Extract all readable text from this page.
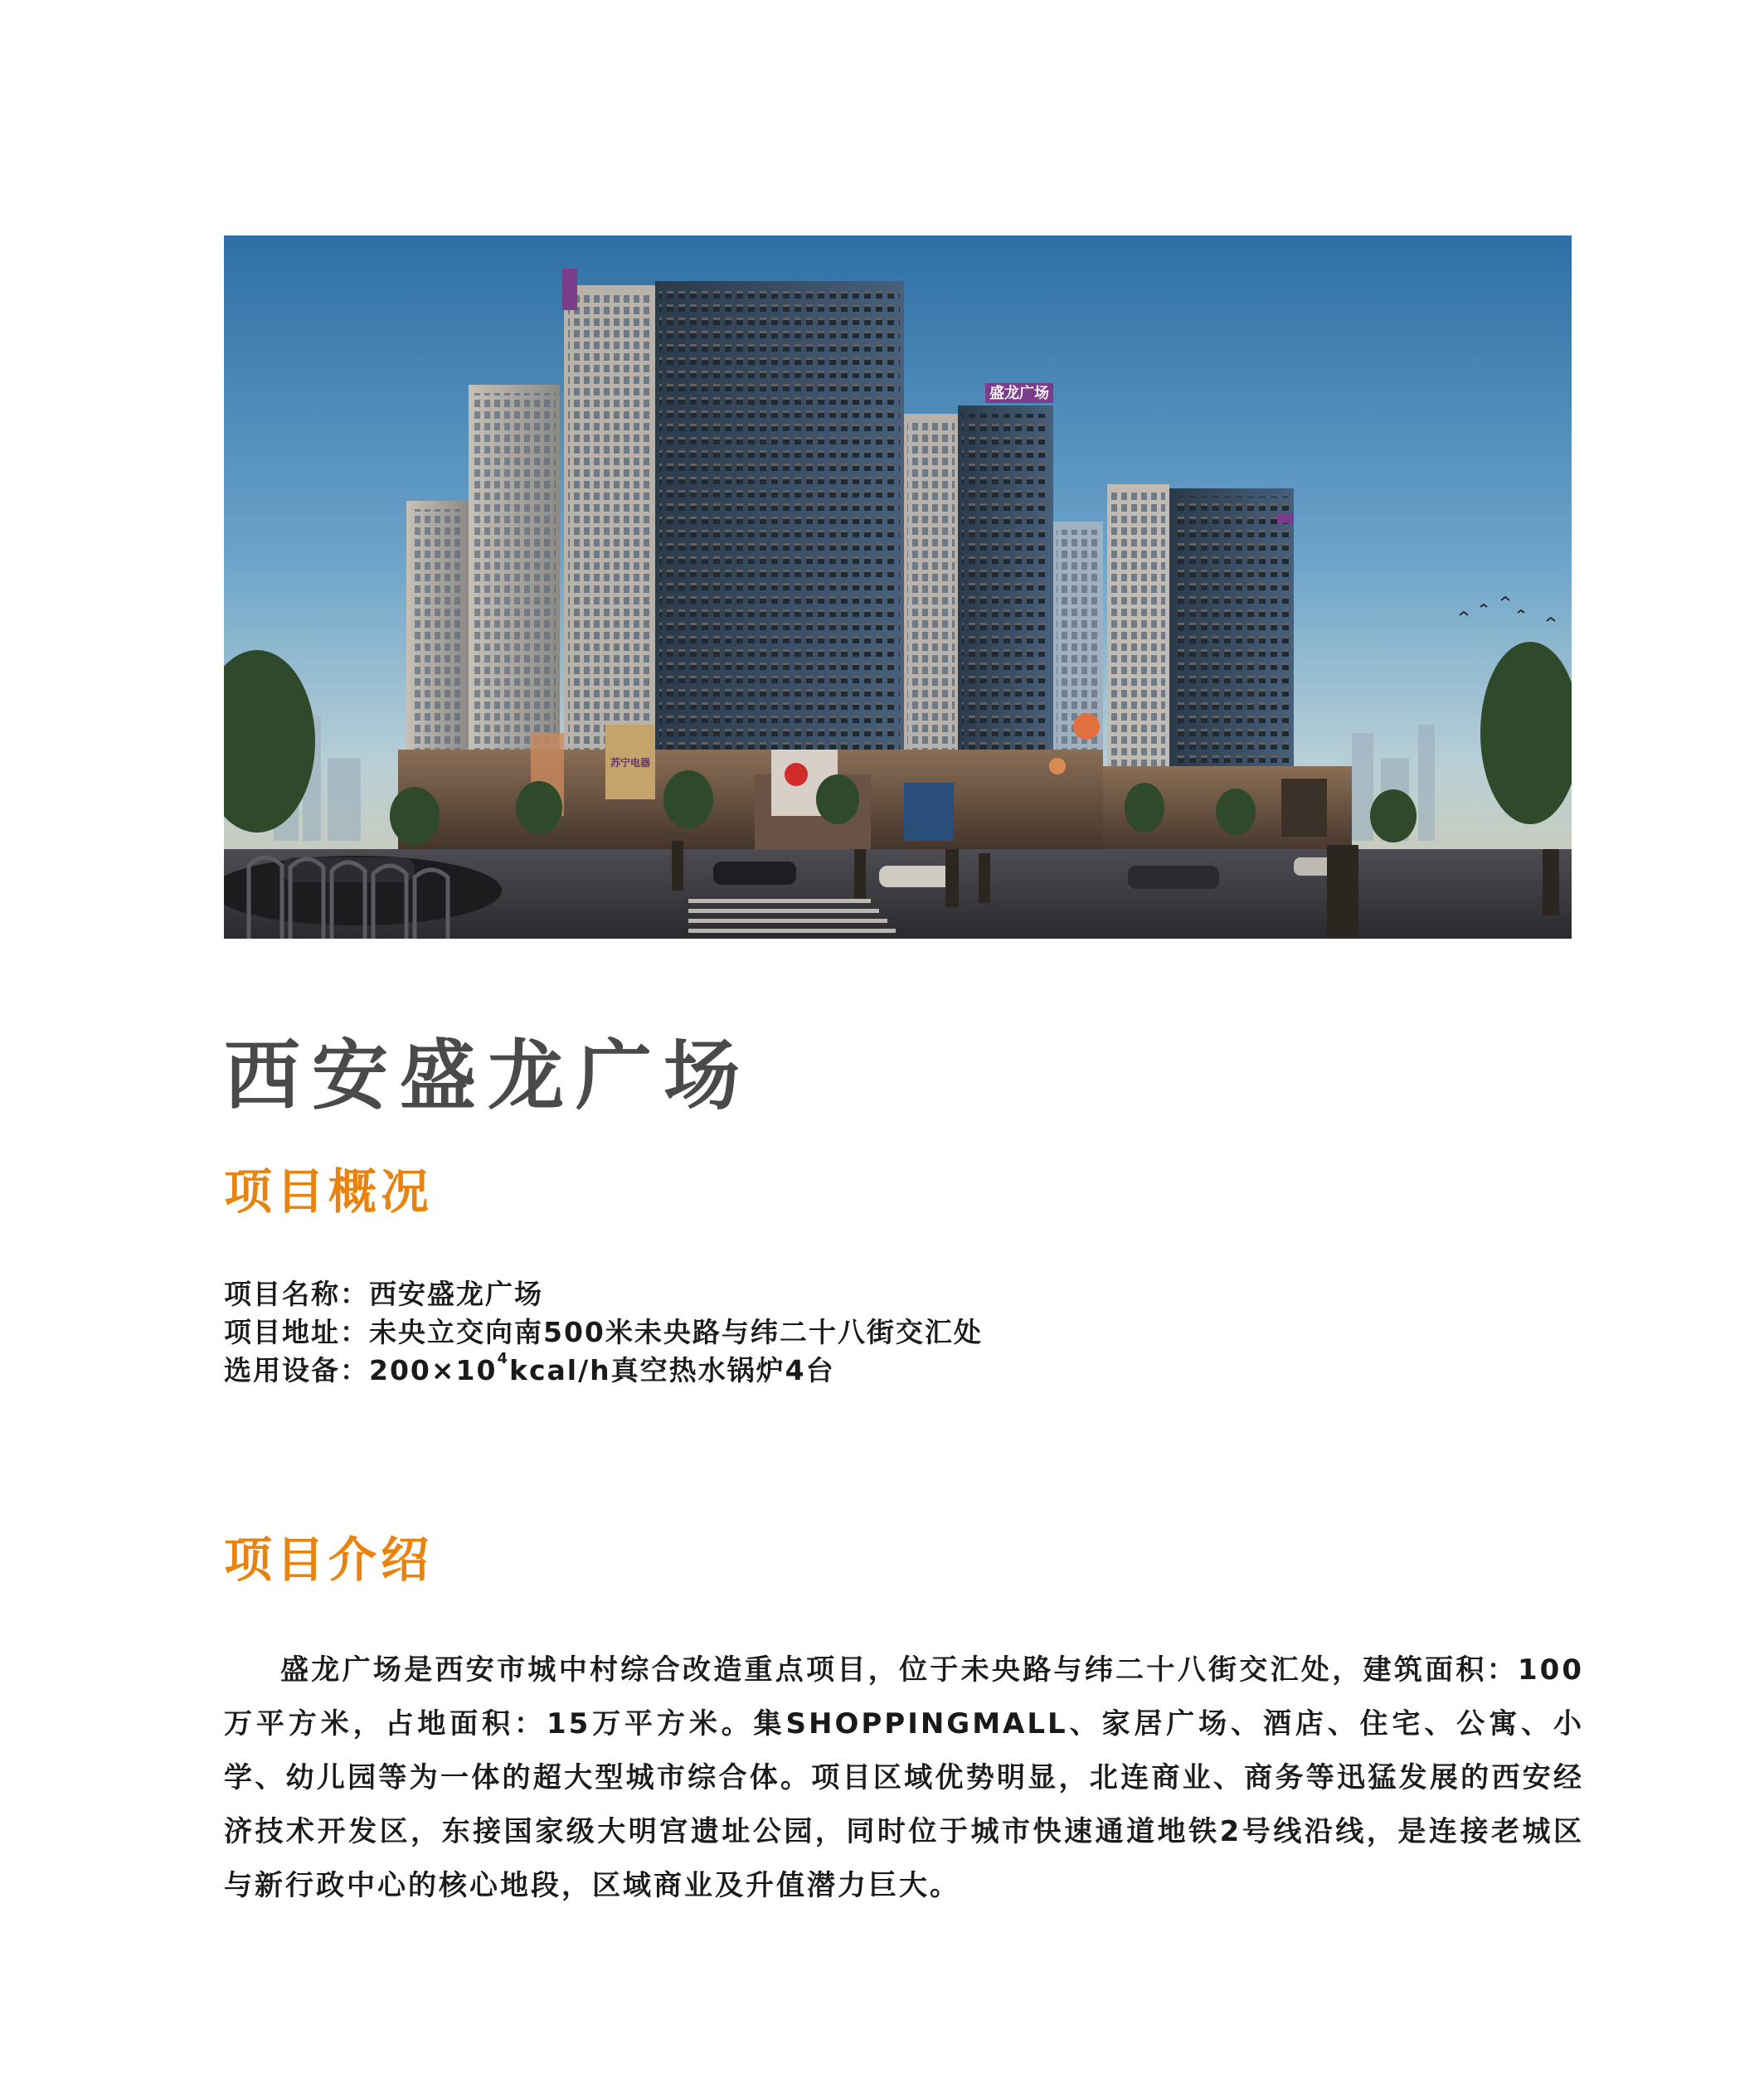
盛龙广场
苏宁电器
西安盛龙广场
项目概况
项目名称：西安盛龙广场
项目地址：未央立交向南500米未央路与纬二十八街交汇处
选用设备：$200\times 10^4kcal/h$真空热水锅炉4台
项目介绍

盛龙广场是西安市城中村综合改造重点项目，位于未央路与纬二十八街交汇处，建筑面积：100万平方米，占地面积：15万平方米。集SHOPPINGMALL、家居广场、酒店、住宅、公寓、小学、幼儿园等为一体的超大型城市综合体。项目区域优势明显，北连商业、商务等迅猛发展的西安经济技术开发区，东接国家级大明宫遗址公园，同时位于城市快速通道地铁2号线沿线，是连接老城区与新行政中心的核心地段，区域商业及升值潜力巨大。
